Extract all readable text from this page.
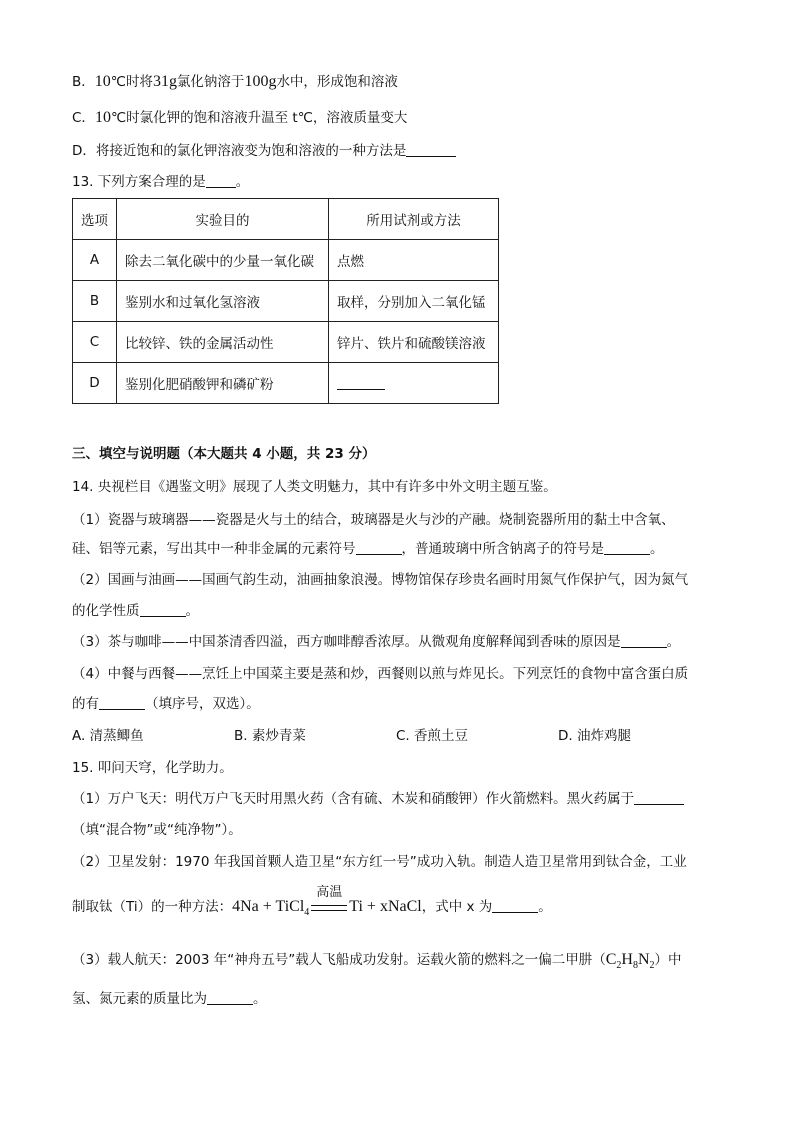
B．10℃时将31g氯化钠溶于100g水中，形成饱和溶液
C．10℃时氯化钾的饱和溶液升温至 t℃，溶液质量变大
D．将接近饱和的氯化钾溶液变为饱和溶液的一种方法是
13. 下列方案合理的是 。
选项	实验目的	所用试剂或方法
A	除去二氧化碳中的少量一氧化碳	点燃
B	鉴别水和过氧化氢溶液	取样，分别加入二氧化锰
C	比较锌、铁的金属活动性	锌片、铁片和硫酸镁溶液
D	鉴别化肥硝酸钾和磷矿粉	
三、填空与说明题（本大题共 4 小题，共 23 分）
14. 央视栏目《遇鉴文明》展现了人类文明魅力，其中有许多中外文明主题互鉴。
（1）瓷器与玻璃器——瓷器是火与土的结合，玻璃器是火与沙的产融。烧制瓷器所用的黏土中含氧、
硅、铝等元素，写出其中一种非金属的元素符号	，普通玻璃中所含钠离子的符号是	。
（2）国画与油画——国画气韵生动，油画抽象浪漫。博物馆保存珍贵名画时用氮气作保护气，因为氮气
的化学性质	。
（3）茶与咖啡——中国茶清香四溢，西方咖啡醇香浓厚。从微观角度解释闻到香味的原因是	。
（4）中餐与西餐——烹饪上中国菜主要是蒸和炒，西餐则以煎与炸见长。下列烹饪的食物中富含蛋白质
的有	（填序号，双选）。
A. 清蒸鲫鱼	B. 素炒青菜	C. 香煎土豆	D. 油炸鸡腿
15. 叩问天穹，化学助力。
（1）万户飞天：明代万户飞天时用黑火药（含有硫、木炭和硝酸钾）作火箭燃料。黑火药属于
（填“混合物”或“纯净物”）。
（2）卫星发射：1970 年我国首颗人造卫星“东方红一号”成功入轨。制造人造卫星常用到钛合金，工业
制取钛（Ti）的一种方法：4Na + TiCl$_4$
高温
Ti + xNaCl，式中 x 为	。
（3）载人航天：2003 年“神舟五号”载人飞船成功发射。运载火箭的燃料之一偏二甲肼$(C_2H_8N_2)$中
氢、氮元素的质量比为	。
